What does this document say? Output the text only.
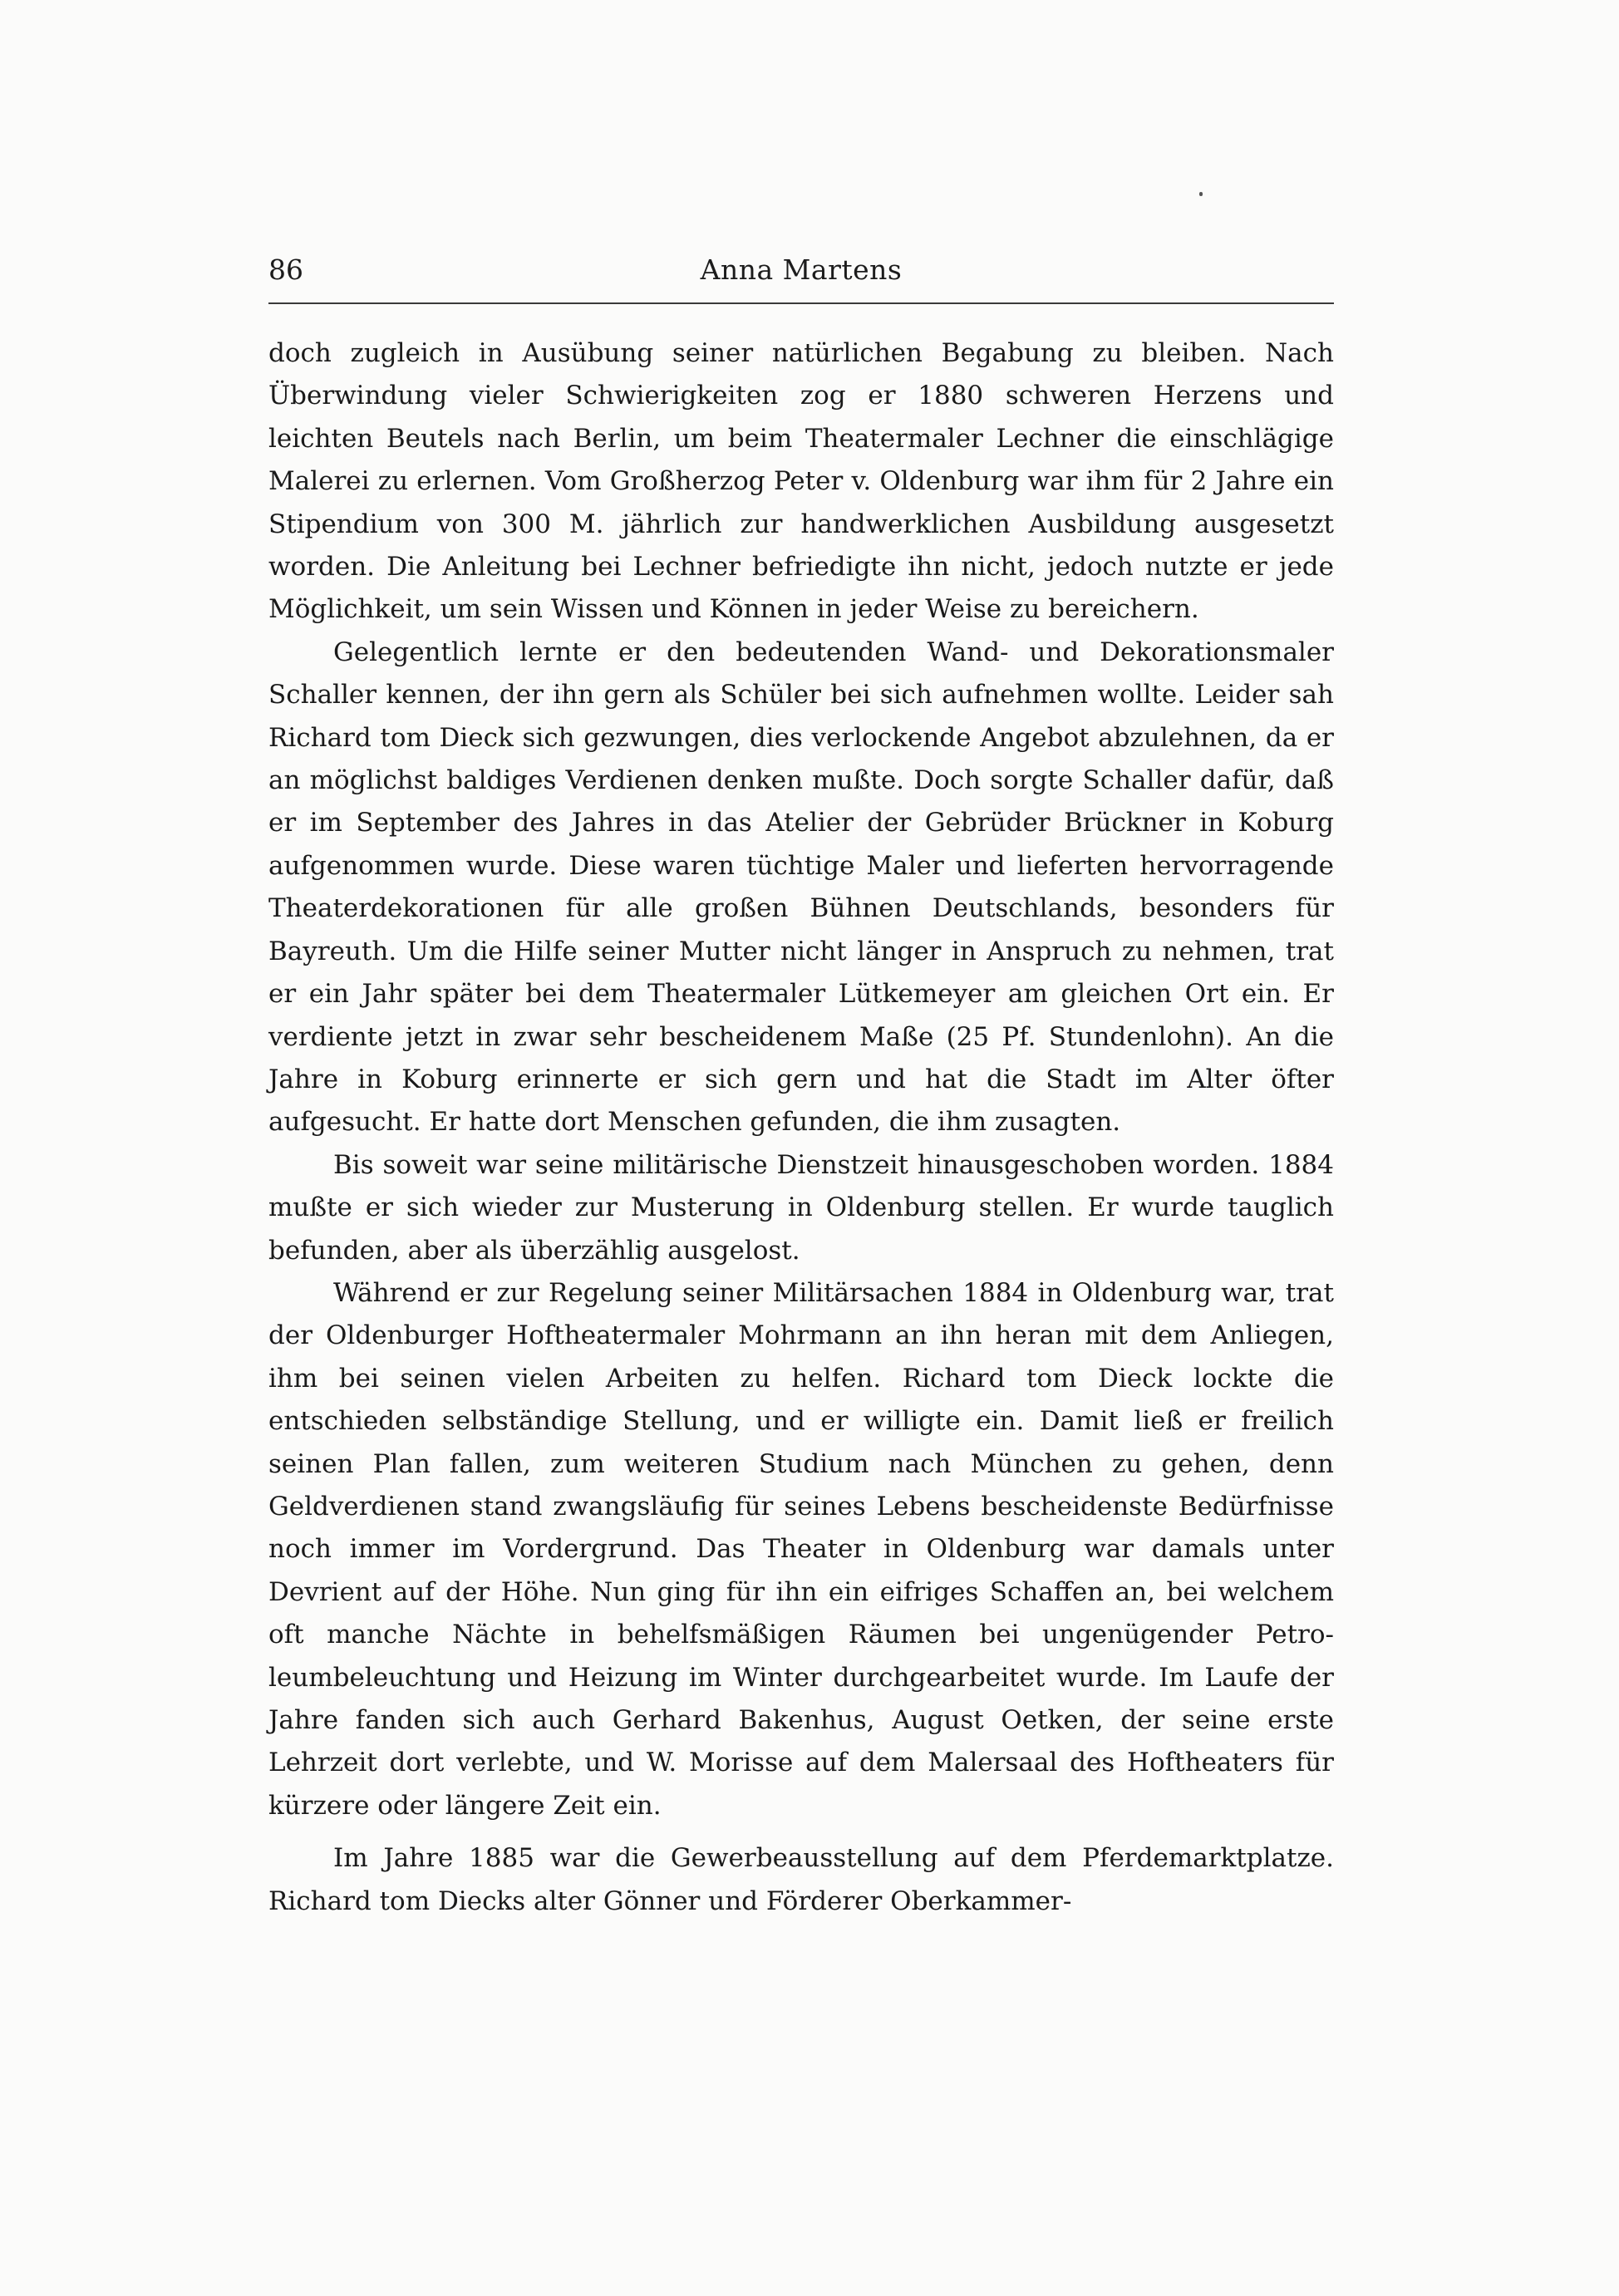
86	Anna Martens

doch zugleich in Ausübung seiner natürlichen Begabung zu bleiben. Nach Überwindung vieler Schwierigkeiten zog er 1880 schweren Herzens und leichten Beutels nach Berlin, um beim Theatermaler Lechner die einschlägige Malerei zu erlernen. Vom Großherzog Peter v. Oldenburg war ihm für 2 Jahre ein Stipendium von 300 M. jährlich zur handwerklichen Ausbildung ausgesetzt worden. Die Anleitung bei Lechner befriedigte ihn nicht, jedoch nutzte er jede Möglichkeit, um sein Wissen und Können in jeder Weise zu bereichern.

Gelegentlich lernte er den bedeutenden Wand- und Dekorationsmaler Schaller kennen, der ihn gern als Schüler bei sich aufnehmen wollte. Leider sah Richard tom Dieck sich gezwungen, dies verlockende Angebot abzulehnen, da er an möglichst baldiges Verdienen denken mußte. Doch sorgte Schaller dafür, daß er im September des Jahres in das Atelier der Gebrüder Brückner in Koburg aufgenommen wurde. Diese waren tüchtige Maler und lieferten hervorragende Theaterdekorationen für alle großen Bühnen Deutschlands, besonders für Bayreuth. Um die Hilfe seiner Mutter nicht länger in Anspruch zu nehmen, trat er ein Jahr später bei dem Theatermaler Lütkemeyer am gleichen Ort ein. Er verdiente jetzt in zwar sehr bescheidenem Maße (25 Pf. Stundenlohn). An die Jahre in Koburg erinnerte er sich gern und hat die Stadt im Alter öfter aufgesucht. Er hatte dort Menschen gefunden, die ihm zusagten.

Bis soweit war seine militärische Dienstzeit hinausgeschoben worden. 1884 mußte er sich wieder zur Musterung in Oldenburg stellen. Er wurde tauglich befunden, aber als überzählig ausgelost.

Während er zur Regelung seiner Militärsachen 1884 in Oldenburg war, trat der Oldenburger Hoftheatermaler Mohrmann an ihn heran mit dem Anliegen, ihm bei seinen vielen Arbeiten zu helfen. Richard tom Dieck lockte die entschieden selbständige Stellung, und er willigte ein. Damit ließ er freilich seinen Plan fallen, zum weiteren Studium nach München zu gehen, denn Geldverdienen stand zwangsläufig für seines Lebens bescheidenste Bedürfnisse noch immer im Vordergrund. Das Theater in Oldenburg war damals unter Devrient auf der Höhe. Nun ging für ihn ein eifriges Schaffen an, bei welchem oft manche Nächte in behelfsmäßigen Räumen bei ungenügender Petroleumbeleuchtung und Heizung im Winter durchgearbeitet wurde. Im Laufe der Jahre fanden sich auch Gerhard Bakenhus, August Oetken, der seine erste Lehrzeit dort verlebte, und W. Morisse auf dem Malersaal des Hoftheaters für kürzere oder längere Zeit ein.

Im Jahre 1885 war die Gewerbeausstellung auf dem Pferdemarktplatze. Richard tom Diecks alter Gönner und Förderer Oberkammer-
